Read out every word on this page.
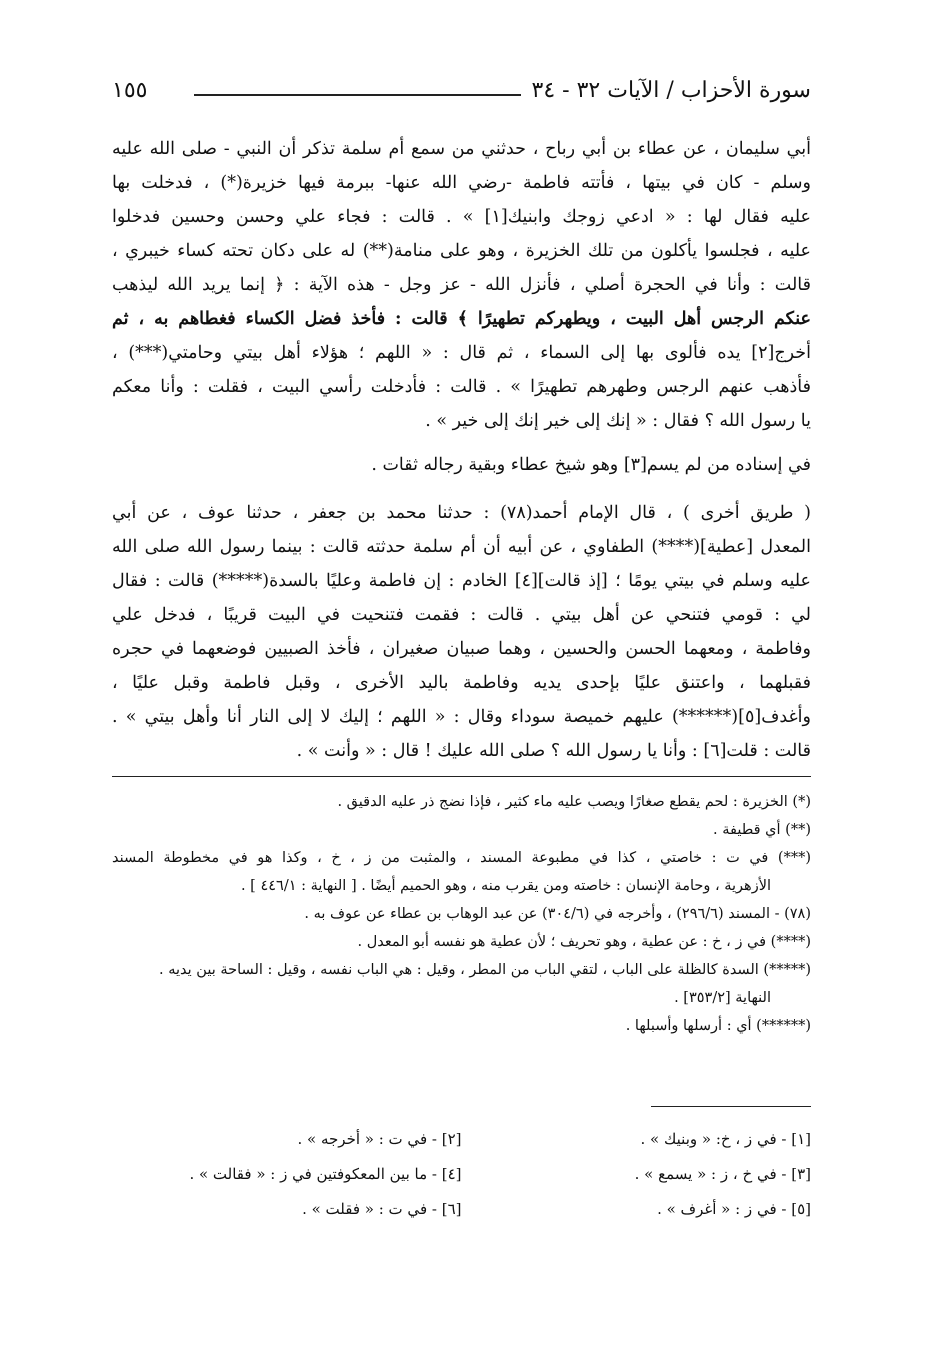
سورة الأحزاب / الآيات ٣٢ - ٣٤
١٥٥
أبي سليمان ، عن عطاء بن أبي رباح ، حدثني من سمع أم سلمة تذكر أن النبي - صلى الله عليه
وسلم - كان في بيتها ، فأتته فاطمة -رضي الله عنها- ببرمة فيها خزيرة(*) ، فدخلت بها
عليه فقال لها : « ادعي زوجك وابنيك[١] » . قالت : فجاء علي وحسن وحسين فدخلوا
عليه ، فجلسوا يأكلون من تلك الخزيرة ، وهو على منامة(**) له على دكان تحته كساء خيبري ،
قالت : وأنا في الحجرة أصلي ، فأنزل الله - عز وجل - هذه الآية : ﴿ إنما يريد الله ليذهب
عنكم الرجس أهل البيت ، ويطهركم تطهيرًا ﴾ قالت : فأخذ فضل الكساء فغطاهم به ، ثم
أخرج[٢] يده فألوى بها إلى السماء ، ثم قال : « اللهم ؛ هؤلاء أهل بيتي وحامتي(***) ،
فأذهب عنهم الرجس وطهرهم تطهيرًا » . قالت : فأدخلت رأسي البيت ، فقلت : وأنا معكم
يا رسول الله ؟ فقال : « إنك إلى خير إنك إلى خير » .
في إسناده من لم يسم[٣] وهو شيخ عطاء وبقية رجاله ثقات .
( طريق أخرى ) ، قال الإمام أحمد(٧٨) : حدثنا محمد بن جعفر ، حدثنا عوف ، عن أبي
المعدل [عطية](****) الطفاوي ، عن أبيه أن أم سلمة حدثته قالت : بينما رسول الله صلى الله
عليه وسلم في بيتي يومًا ؛ [إذ قالت][٤] الخادم : إن فاطمة وعليًا بالسدة(*****) قالت : فقال
لي : قومي فتنحي عن أهل بيتي . قالت : فقمت فتنحيت في البيت قريبًا ، فدخل علي
وفاطمة ، ومعهما الحسن والحسين ، وهما صبيان صغيران ، فأخذ الصبيين فوضعهما في حجره
فقبلهما ، واعتنق عليًا بإحدى يديه وفاطمة باليد الأخرى ، وقبل فاطمة وقبل عليًا ،
وأغدف[٥](******) عليهم خميصة سوداء وقال : « اللهم ؛ إليك لا إلى النار أنا وأهل بيتي » .
قالت : قلت[٦] : وأنا يا رسول الله ؟ صلى الله عليك ! قال : « وأنت » .
(*) الخزيرة : لحم يقطع صغارًا ويصب عليه ماء كثير ، فإذا نضج ذر عليه الدقيق .
(**) أي قطيفة .
(***) في ت : خاصتي ، كذا في مطبوعة المسند ، والمثبت من ز ، خ ، وكذا هو في مخطوطة المسند
الأزهرية ، وحامة الإنسان : خاصته ومن يقرب منه ، وهو الحميم أيضًا . [ النهاية : ٤٤٦/١ ] .
(٧٨) - المسند (٢٩٦/٦) ، وأخرجه في (٣٠٤/٦) عن عبد الوهاب بن عطاء عن عوف به .
(****) في ز ، خ : عن عطية ، وهو تحريف ؛ لأن عطية هو نفسه أبو المعدل .
(*****) السدة كالظلة على الباب ، لتقي الباب من المطر ، وقيل : هي الباب نفسه ، وقيل : الساحة بين يديه .
النهاية [٣٥٣/٢] .
(******) أي : أرسلها وأسبلها .
[١] - في ز ، خ: « وبنيك » .
[٢] - في ت : « أخرجه » .
[٣] - في خ ، ز : « يسمع » .
[٤] - ما بين المعكوفتين في ز : « فقالت » .
[٥] - في ز : « أغرف » .
[٦] - في ت : « فقلت » .
